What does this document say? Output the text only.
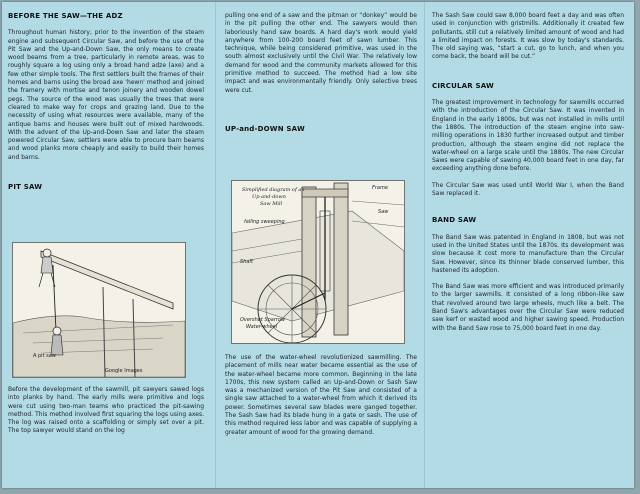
BEFORE THE SAW—THE ADZ

Throughout human history, prior to the invention of the steam engine and subsequent Circular Saw, and before the use of the Pit Saw and the Up-and-Down Saw, the only means to create wood beams from a tree, particularly in remote areas, was to roughly square a log using only a broad hand adze (axe) and a few other simple tools. The first settlers built the frames of their homes and barns using the broad axe 'hewn' method and joined the framery with mortise and tenon joinery and wooden dowel pegs. The source of the wood was usually the trees that were cleared to make way for crops and grazing land. Due to the necessity of using what resources were available, many of the antique barns and houses were built out of mixed hardwoods. With the advent of the Up-and-Down Saw and later the steam powered Circular Saw, settlers were able to procure barn beams and wood planks more cheaply and easily to build their homes and barns.

PIT SAW
A pit saw
Google Images

Before the development of the sawmill, pit sawyers sawed logs into planks by hand. The early mills were primitive and logs were cut using two-man teams who practiced the pit-sawing method. This method involved first squaring the logs using axes. The log was raised onto a scaffolding or simply set over a pit. The top sawyer would stand on the log

pulling one end of a saw and the pitman or “donkey” would be in the pit pulling the other end. The sawyers would then laboriously hand saw boards. A hard day's work would yield anywhere from 100-200 board feet of sawn lumber. This technique, while being considered primitive, was used in the south almost exclusively until the Civil War. The relatively low demand for wood and the community markets allowed for this primitive method to succeed. The method had a low site impact and was environmentally friendly. Only selective trees were cut.

UP-and-DOWN SAW
Simplified diagram of an
Up-and-down
Saw Mill
falling sweeping
Frame
Saw
Shaft
Overshot Sparrow
Water-wheel

The use of the water-wheel revolutionized sawmilling. The placement of mills near water became essential as the use of the water-wheel became more common. Beginning in the late 1700s, this new system called an Up-and-Down or Sash Saw was a mechanized version of the Pit Saw and consisted of a single saw attached to a water-wheel from which it derived its power. Sometimes several saw blades were ganged together. The Sash Saw had its blade hung in a gate or sash. The use of this method required less labor and was capable of supplying a greater amount of wood for the growing demand.

The Sash Saw could saw 8,000 board feet a day and was often used in conjunction with gristmills. Additionally it created few pollutants, still cut a relatively limited amount of wood and had a limited impact on forests. It was slow by today's standards. The old saying was, “start a cut, go to lunch, and when you come back, the board will be cut.”

CIRCULAR SAW

The greatest improvement in technology for sawmills occurred with the introduction of the Circular Saw. It was invented in England in the early 1800s, but was not installed in mills until the 1880s. The introduction of the steam engine into saw-milling operations in 1830 further increased output and timber production, although the steam engine did not replace the water-wheel on a large scale until the 1880s. The new Circular Saws were capable of sawing 40,000 board feet in one day, far exceeding anything done before.

The Circular Saw was used until World War I, when the Band Saw replaced it.

BAND SAW

The Band Saw was patented in England in 1808, but was not used in the United States until the 1870s. Its development was slow because it cost more to manufacture than the Circular Saw. However, since its thinner blade conserved lumber, this hastened its adoption.

The Band Saw was more efficient and was introduced primarily to the larger sawmills. It consisted of a long ribbon-like saw that revolved around two large wheels, much like a belt. The Band Saw's advantages over the Circular Saw were reduced saw kerf or wasted wood and higher sawing speed. Production with the Band Saw rose to 75,000 board feet in one day.
